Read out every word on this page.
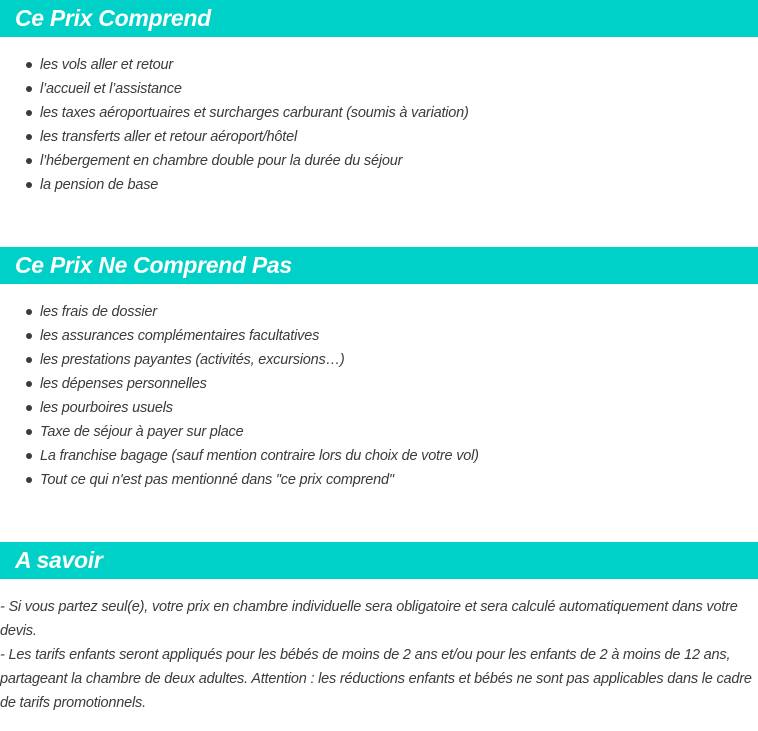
Ce Prix Comprend
les vols aller et retour
l’accueil et l’assistance
les taxes aéroportuaires et surcharges carburant (soumis à variation)
les transferts aller et retour aéroport/hôtel
l’hébergement en chambre double pour la durée du séjour
la pension de base
Ce Prix Ne Comprend Pas
les frais de dossier
les assurances complémentaires facultatives
les prestations payantes (activités, excursions…)
les dépenses personnelles
les pourboires usuels
Taxe de séjour à payer sur place
La franchise bagage (sauf mention contraire lors du choix de votre vol)
Tout ce qui n'est pas mentionné dans "ce prix comprend"
A savoir

- Si vous partez seul(e), votre prix en chambre individuelle sera obligatoire et sera calculé automatiquement dans votre devis.

- Les tarifs enfants seront appliqués pour les bébés de moins de 2 ans et/ou pour les enfants de 2 à moins de 12 ans, partageant la chambre de deux adultes. Attention : les réductions enfants et bébés ne sont pas applicables dans le cadre de tarifs promotionnels.
